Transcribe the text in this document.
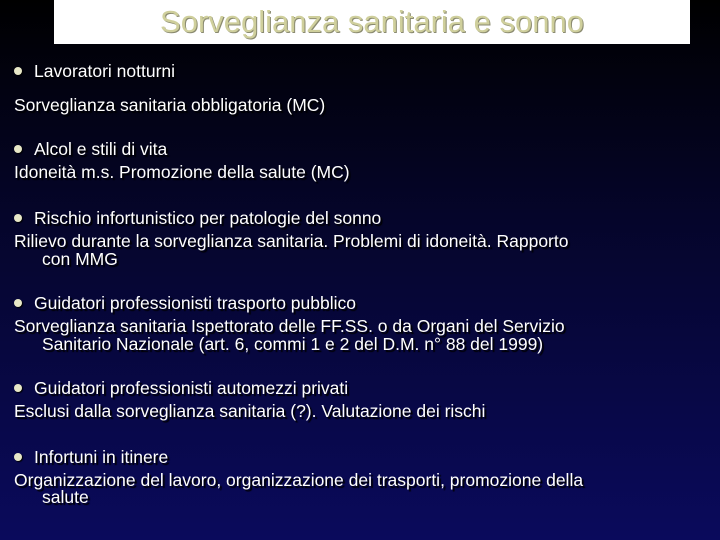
Sorveglianza sanitaria e sonno
Lavoratori notturni
Sorveglianza sanitaria obbligatoria (MC)
Alcol e stili di vita
Idoneità m.s. Promozione della salute (MC)
Rischio infortunistico per patologie del sonno
Rilievo durante la sorveglianza sanitaria. Problemi di idoneità. Rapporto
con MMG
Guidatori professionisti trasporto pubblico
Sorveglianza sanitaria Ispettorato delle FF.SS. o da Organi del Servizio
Sanitario Nazionale (art. 6, commi 1 e 2 del D.M. n° 88 del 1999)
Guidatori professionisti automezzi privati
Esclusi dalla sorveglianza sanitaria (?). Valutazione dei rischi
Infortuni in itinere
Organizzazione del lavoro, organizzazione dei trasporti, promozione della
salute
